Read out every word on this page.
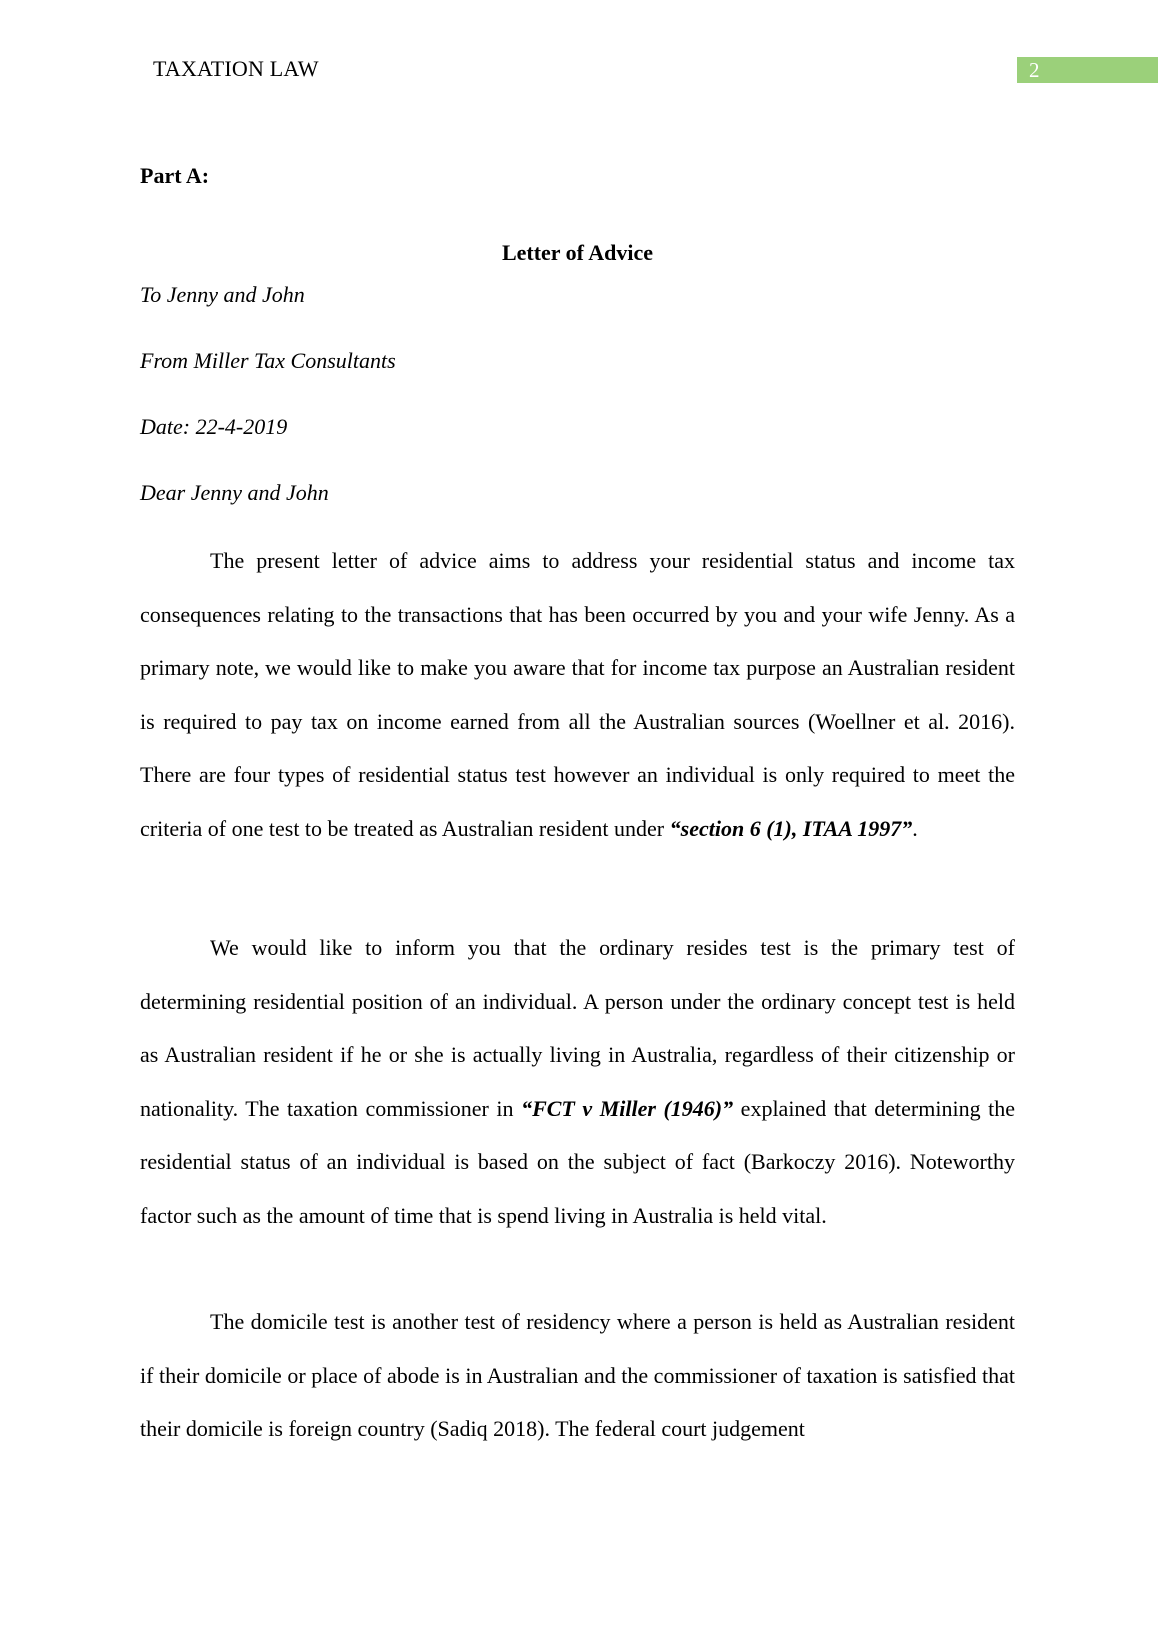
TAXATION LAW	2
Part A:
Letter of Advice
To Jenny and John
From Miller Tax Consultants
Date: 22-4-2019
Dear Jenny and John

The present letter of advice aims to address your residential status and income tax consequences relating to the transactions that has been occurred by you and your wife Jenny. As a primary note, we would like to make you aware that for income tax purpose an Australian resident is required to pay tax on income earned from all the Australian sources (Woellner et al. 2016). There are four types of residential status test however an individual is only required to meet the criteria of one test to be treated as Australian resident under “section 6 (1), ITAA 1997”.

We would like to inform you that the ordinary resides test is the primary test of determining residential position of an individual. A person under the ordinary concept test is held as Australian resident if he or she is actually living in Australia, regardless of their citizenship or nationality. The taxation commissioner in “FCT v Miller (1946)” explained that determining the residential status of an individual is based on the subject of fact (Barkoczy 2016). Noteworthy factor such as the amount of time that is spend living in Australia is held vital.

The domicile test is another test of residency where a person is held as Australian resident if their domicile or place of abode is in Australian and the commissioner of taxation is satisfied that their domicile is foreign country (Sadiq 2018). The federal court judgement
